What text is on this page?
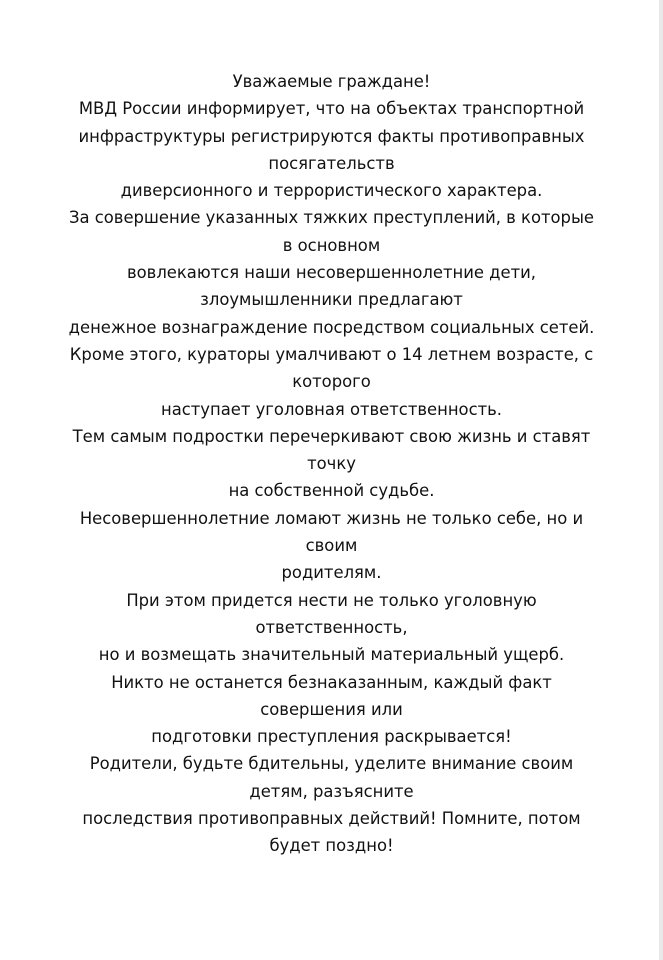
Уважаемые граждане!
МВД России информирует, что на объектах транспортной
инфраструктуры регистрируются факты противоправных
посягательств
диверсионного и террористического характера.
За совершение указанных тяжких преступлений, в которые
в основном
вовлекаются наши несовершеннолетние дети,
злоумышленники предлагают
денежное вознаграждение посредством социальных сетей.
Кроме этого, кураторы умалчивают о 14 летнем возрасте, с
которого
наступает уголовная ответственность.
Тем самым подростки перечеркивают свою жизнь и ставят
точку
на собственной судьбе.
Несовершеннолетние ломают жизнь не только себе, но и
своим
родителям.
При этом придется нести не только уголовную
ответственность,
но и возмещать значительный материальный ущерб.
Никто не останется безнаказанным, каждый факт
совершения или
подготовки преступления раскрывается!
Родители, будьте бдительны, уделите внимание своим
детям, разъясните
последствия противоправных действий! Помните, потом
будет поздно!
